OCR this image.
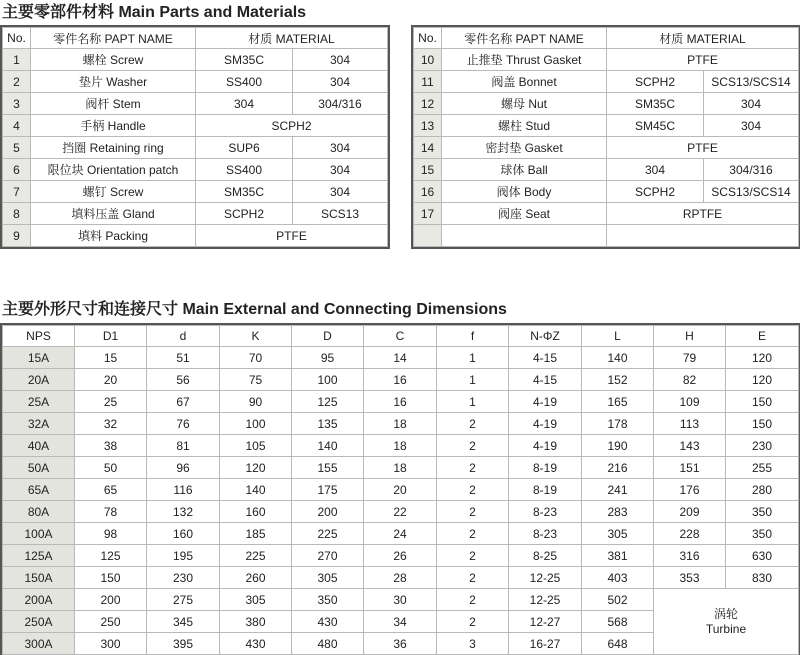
主要零部件材料 Main Parts and Materials
No.	零件名称 PAPT NAME	材质 MATERIAL	
1	螺栓 Screw	SM35C	304
2	垫片 Washer	SS400	304
3	阀杆 Stem	304	304/316
4	手柄 Handle	SCPH2	
5	挡圈 Retaining ring	SUP6	304
6	限位块 Orientation patch	SS400	304
7	螺钉 Screw	SM35C	304
8	填料压盖 Gland	SCPH2	SCS13
9	填料 Packing	PTFE	
No.	零件名称 PAPT NAME	材质 MATERIAL	
10	止推垫 Thrust Gasket	PTFE	
11	阀盖 Bonnet	SCPH2	SCS13/SCS14
12	螺母 Nut	SM35C	304
13	螺柱 Stud	SM45C	304
14	密封垫 Gasket	PTFE	
15	球体 Ball	304	304/316
16	阀体 Body	SCPH2	SCS13/SCS14
17	阀座 Seat	RPTFE	

主要外形尺寸和连接尺寸 Main External and Connecting Dimensions
NPS	D1	d	K	D	C	f	N-ΦZ	L	H	E
15A	15	51	70	95	14	1	4-15	140	79	120
20A	20	56	75	100	16	1	4-15	152	82	120
25A	25	67	90	125	16	1	4-19	165	109	150
32A	32	76	100	135	18	2	4-19	178	113	150
40A	38	81	105	140	18	2	4-19	190	143	230
50A	50	96	120	155	18	2	8-19	216	151	255
65A	65	116	140	175	20	2	8-19	241	176	280
80A	78	132	160	200	22	2	8-23	283	209	350
100A	98	160	185	225	24	2	8-23	305	228	350
125A	125	195	225	270	26	2	8-25	381	316	630
150A	150	230	260	305	28	2	12-25	403	353	830
200A	200	275	305	350	30	2	12-25	502	涡轮
Turbine	

250A	250	345	380	430	34	2	12-27	568		
300A	300	395	430	480	36	3	16-27	648		
